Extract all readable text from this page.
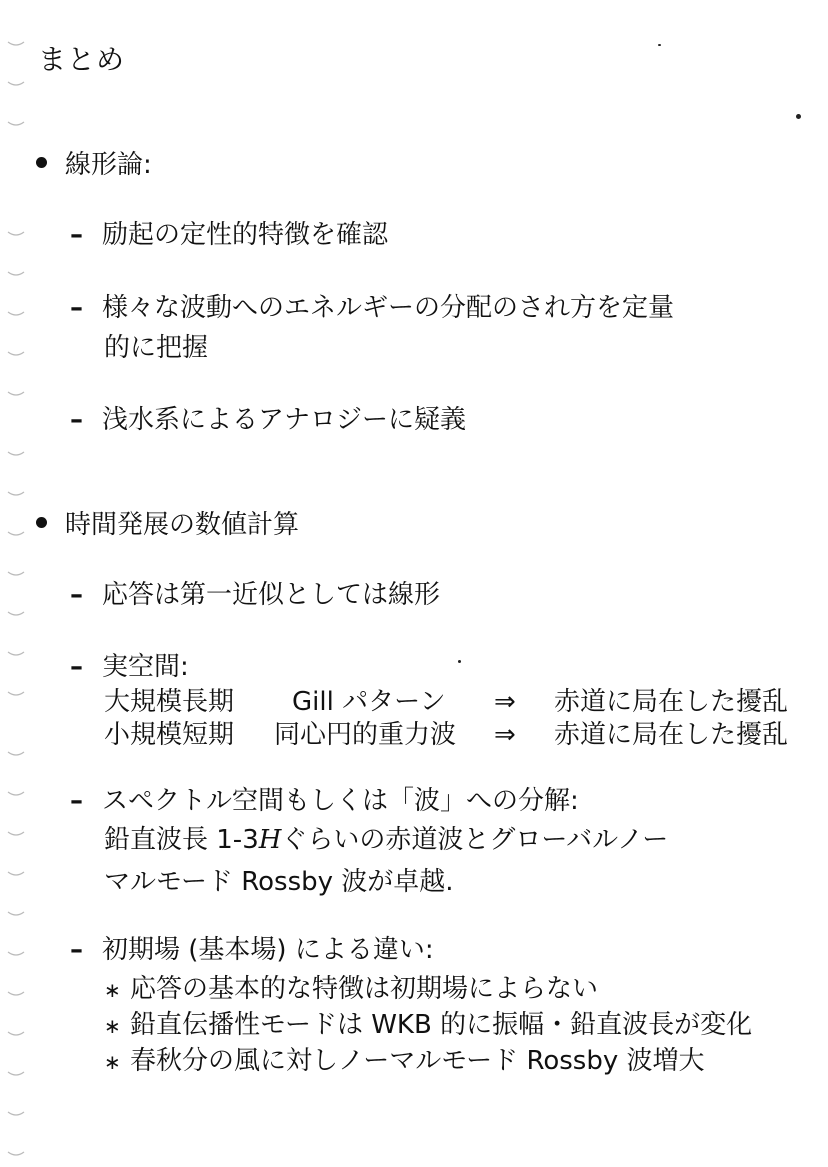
まとめ
線形論:
– 励起の定性的特徴を確認
– 様々な波動へのエネルギーの分配のされ方を定量
的に把握
– 浅水系によるアナロジーに疑義
時間発展の数値計算
– 応答は第一近似としては線形
– 実空間:
大規模長期 Gill パターン ⇒ 赤道に局在した擾乱
小規模短期 同心円的重力波 ⇒ 赤道に局在した擾乱
– スペクトル空間もしくは「波」への分解:
鉛直波長 1-3Hぐらいの赤道波とグローバルノー
マルモード Rossby 波が卓越.
– 初期場 (基本場) による違い:
∗ 応答の基本的な特徴は初期場によらない
∗ 鉛直伝播性モードは WKB 的に振幅・鉛直波長が変化
∗ 春秋分の風に対しノーマルモード Rossby 波増大
